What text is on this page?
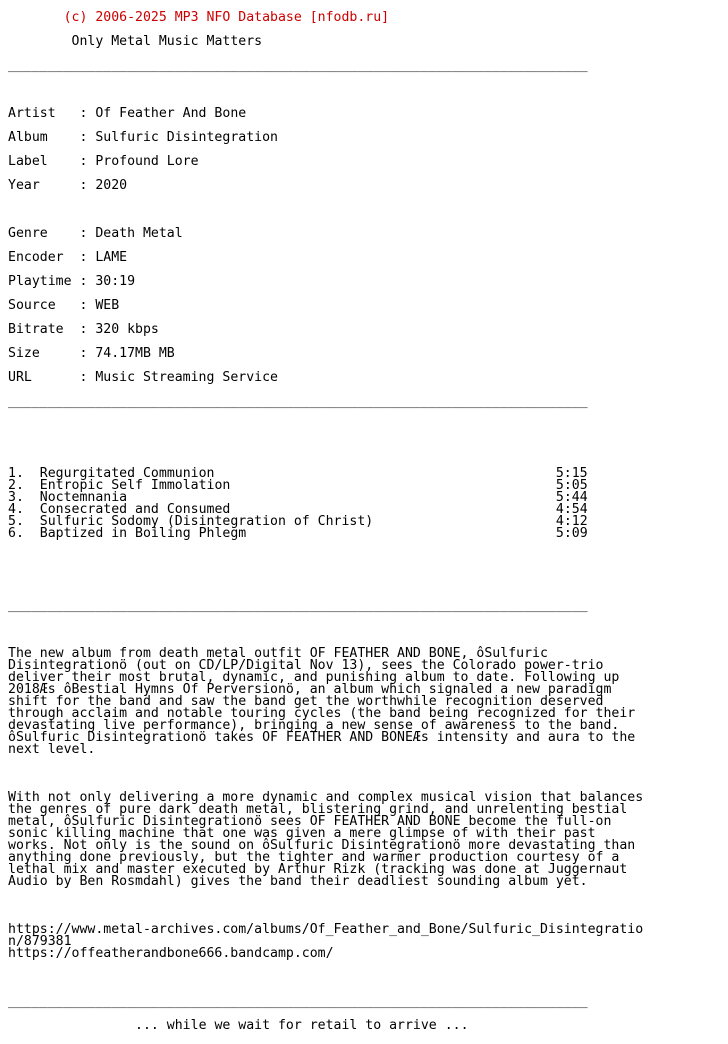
(c) 2006-2025 MP3 NFO Database [nfodb.ru]

Only Metal Music Matters

_________________________________________________________________________

Artist   : Of Feather And Bone

Album    : Sulfuric Disintegration

Label    : Profound Lore

Year     : 2020

Genre    : Death Metal

Encoder  : LAME

Playtime : 30:19

Source   : WEB

Bitrate  : 320 kbps

Size     : 74.17MB MB

URL      : Music Streaming Service

_________________________________________________________________________

1. Regurgitated Communion	5:15
2. Entropic Self Immolation	5:05
3. Noctemnania	5:44
4. Consecrated and Consumed	4:54
5. Sulfuric Sodomy (Disintegration of Christ)	4:12
6. Baptized in Boiling Phlegm	5:09

_________________________________________________________________________

The new album from death metal outfit OF FEATHER AND BONE, ôSulfuric
Disintegrationö (out on CD/LP/Digital Nov 13), sees the Colorado power-trio
deliver their most brutal, dynamic, and punishing album to date. Following up
2018Æs ôBestial Hymns Of Perversionö, an album which signaled a new paradigm
shift for the band and saw the band get the worthwhile recognition deserved
through acclaim and notable touring cycles (the band being recognized for their
devastating live performance), bringing a new sense of awareness to the band.
ôSulfuric Disintegrationö takes OF FEATHER AND BONEÆs intensity and aura to the
next level.

With not only delivering a more dynamic and complex musical vision that balances
the genres of pure dark death metal, blistering grind, and unrelenting bestial
metal, ôSulfuric Disintegrationö sees OF FEATHER AND BONE become the full-on
sonic killing machine that one was given a mere glimpse of with their past
works. Not only is the sound on ôSulfuric Disintegrationö more devastating than
anything done previously, but the tighter and warmer production courtesy of a
lethal mix and master executed by Arthur Rizk (tracking was done at Juggernaut
Audio by Ben Rosmdahl) gives the band their deadliest sounding album yet.

https://www.metal-archives.com/albums/Of_Feather_and_Bone/Sulfuric_Disintegratio
n/879381
https://offeatherandbone666.bandcamp.com/

_________________________________________________________________________

... while we wait for retail to arrive ...
